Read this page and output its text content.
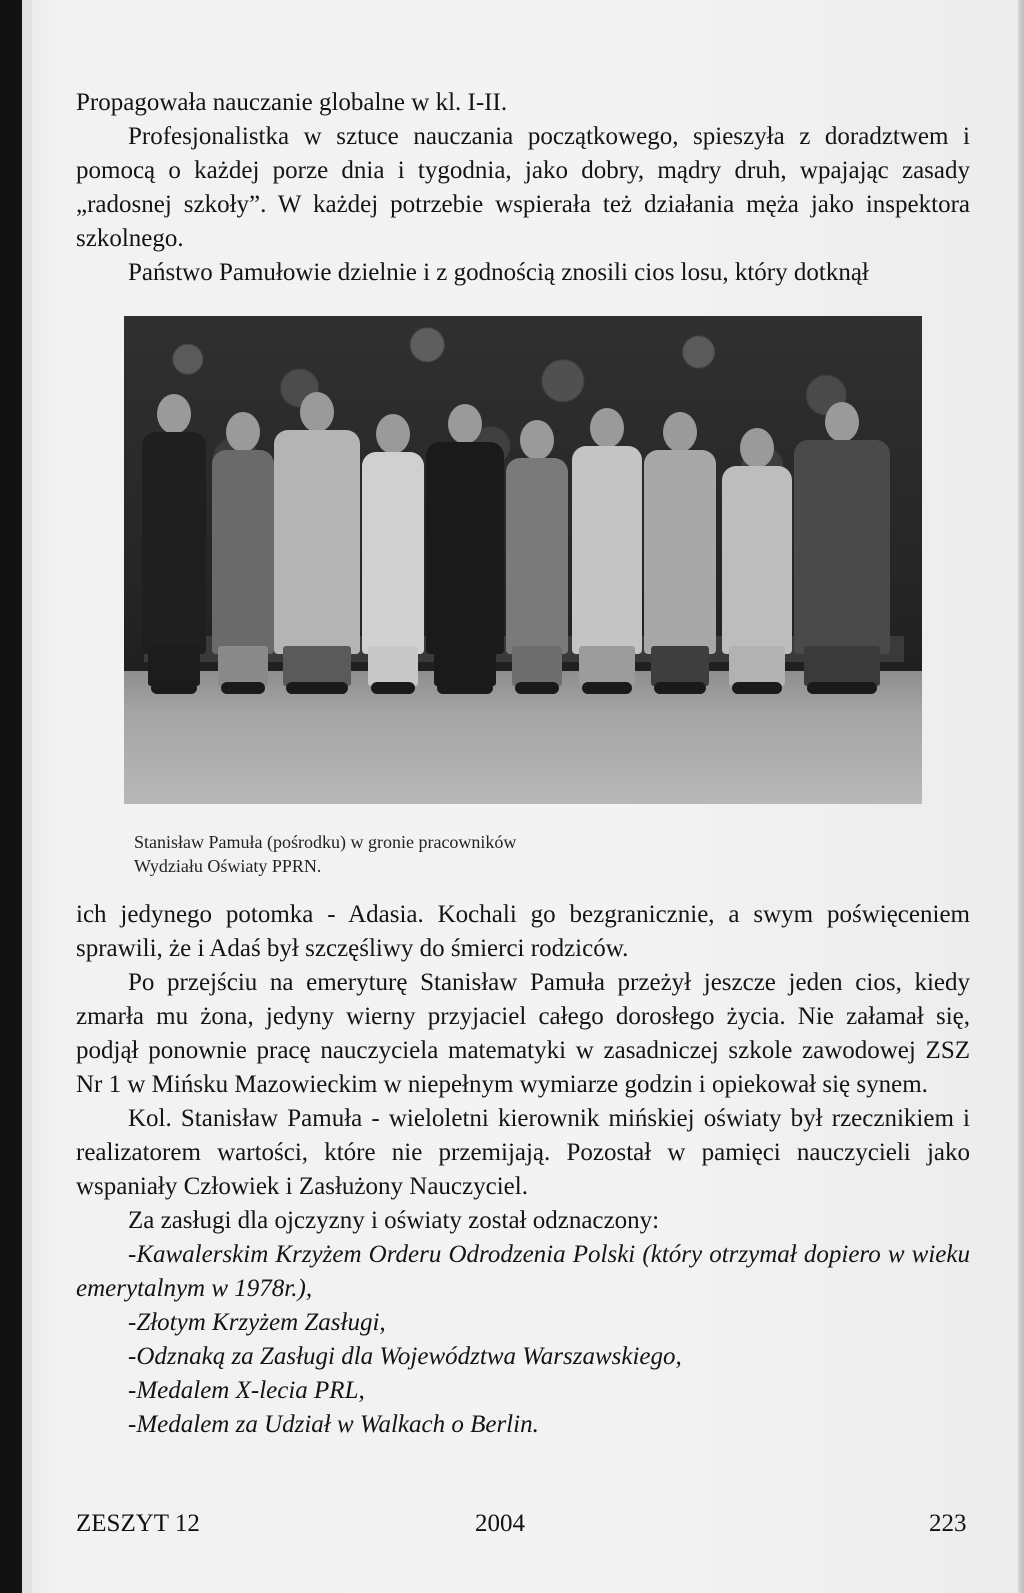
Propagowała nauczanie globalne w kl. I-II.

Profesjonalistka w sztuce nauczania początkowego, spieszyła z doradztwem i pomocą o każdej porze dnia i tygodnia, jako dobry, mądry druh, wpajając zasady „radosnej szkoły”. W każdej potrzebie wspierała też działania męża jako inspektora szkolnego.

Państwo Pamułowie dzielnie i z godnością znosili cios losu, który dotknął

Stanisław Pamuła (pośrodku) w gronie pracowników

Wydziału Oświaty PPRN.

ich jedynego potomka - Adasia. Kochali go bezgranicznie, a swym poświęceniem sprawili, że i Adaś był szczęśliwy do śmierci rodziców.

Po przejściu na emeryturę Stanisław Pamuła przeżył jeszcze jeden cios, kiedy zmarła mu żona, jedyny wierny przyjaciel całego dorosłego życia. Nie załamał się, podjął ponownie pracę nauczyciela matematyki w zasadniczej szkole zawodowej ZSZ Nr 1 w Mińsku Mazowieckim w niepełnym wymiarze godzin i opiekował się synem.

Kol. Stanisław Pamuła - wieloletni kierownik mińskiej oświaty był rzecznikiem i realizatorem wartości, które nie przemijają. Pozostał w pamięci nauczycieli jako wspaniały Człowiek i Zasłużony Nauczyciel.

Za zasługi dla ojczyzny i oświaty został odznaczony:

-Kawalerskim Krzyżem Orderu Odrodzenia Polski (który otrzymał dopiero w wieku emerytalnym w 1978r.),

-Złotym Krzyżem Zasługi,

-Odznaką za Zasługi dla Województwa Warszawskiego,

-Medalem X-lecia PRL,

-Medalem za Udział w Walkach o Berlin.

ZESZYT 12	2004	223
